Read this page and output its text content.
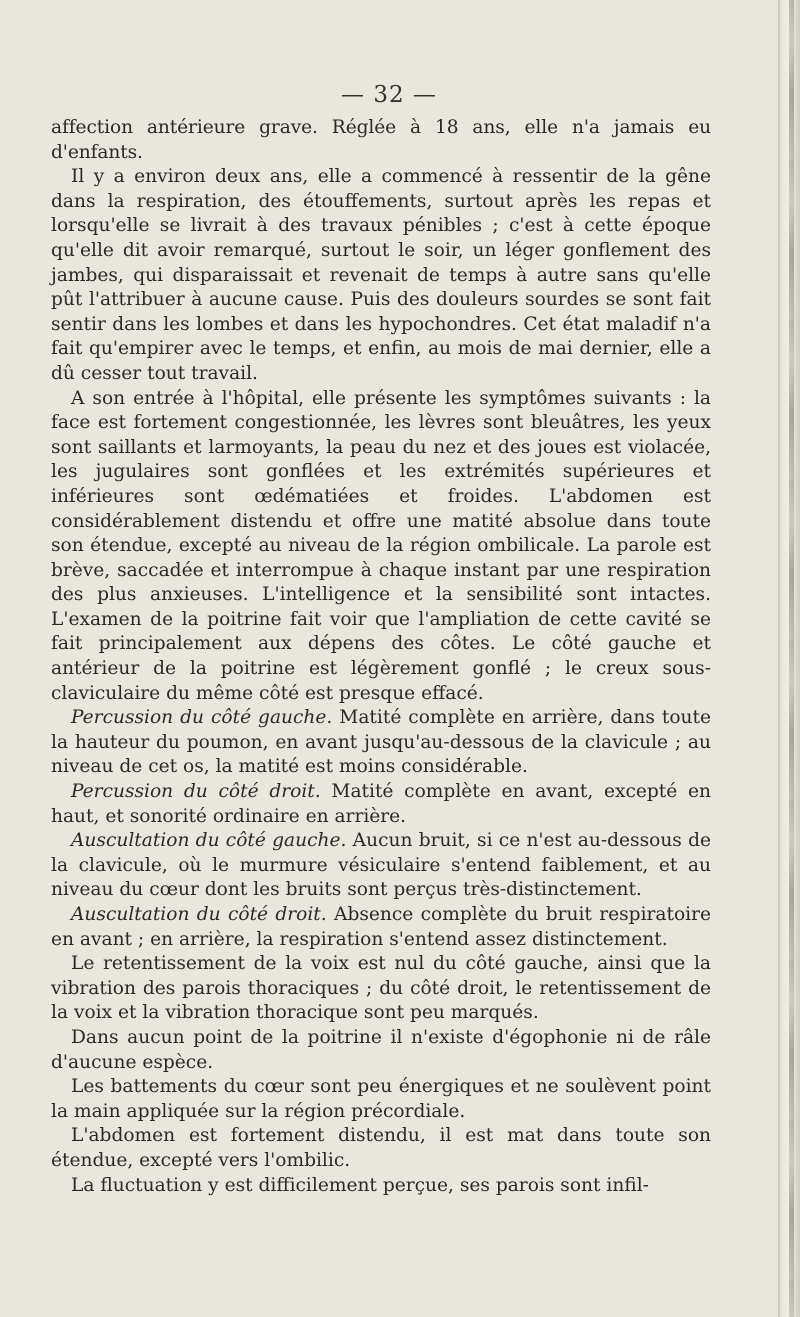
— 32 —

affection antérieure grave. Réglée à 18 ans, elle n'a jamais eu d'enfants.

Il y a environ deux ans, elle a commencé à ressentir de la gêne dans la respiration, des étouffements, surtout après les repas et lorsqu'elle se livrait à des travaux pénibles ; c'est à cette époque qu'elle dit avoir remarqué, surtout le soir, un léger gonflement des jambes, qui disparaissait et revenait de temps à autre sans qu'elle pût l'attribuer à aucune cause. Puis des douleurs sourdes se sont fait sentir dans les lombes et dans les hypochondres. Cet état maladif n'a fait qu'empirer avec le temps, et enfin, au mois de mai dernier, elle a dû cesser tout travail.

A son entrée à l'hôpital, elle présente les symptômes suivants : la face est fortement congestionnée, les lèvres sont bleuâtres, les yeux sont saillants et larmoyants, la peau du nez et des joues est violacée, les jugulaires sont gonflées et les extrémités supérieures et inférieures sont œdématiées et froides. L'abdomen est considérablement distendu et offre une matité absolue dans toute son étendue, excepté au niveau de la région ombilicale. La parole est brève, saccadée et interrompue à chaque instant par une respiration des plus anxieuses. L'intelligence et la sensibilité sont intactes. L'examen de la poitrine fait voir que l'ampliation de cette cavité se fait principalement aux dépens des côtes. Le côté gauche et antérieur de la poitrine est légèrement gonflé ; le creux sous-claviculaire du même côté est presque effacé.

Percussion du côté gauche. Matité complète en arrière, dans toute la hauteur du poumon, en avant jusqu'au-dessous de la clavicule ; au niveau de cet os, la matité est moins considérable.

Percussion du côté droit. Matité complète en avant, excepté en haut, et sonorité ordinaire en arrière.

Auscultation du côté gauche. Aucun bruit, si ce n'est au-dessous de la clavicule, où le murmure vésiculaire s'entend faiblement, et au niveau du cœur dont les bruits sont perçus très-distinctement.

Auscultation du côté droit. Absence complète du bruit respiratoire en avant ; en arrière, la respiration s'entend assez distinctement.

Le retentissement de la voix est nul du côté gauche, ainsi que la vibration des parois thoraciques ; du côté droit, le retentissement de la voix et la vibration thoracique sont peu marqués.

Dans aucun point de la poitrine il n'existe d'égophonie ni de râle d'aucune espèce.

Les battements du cœur sont peu énergiques et ne soulèvent point la main appliquée sur la région précordiale.

L'abdomen est fortement distendu, il est mat dans toute son étendue, excepté vers l'ombilic.

La fluctuation y est difficilement perçue, ses parois sont infil-
